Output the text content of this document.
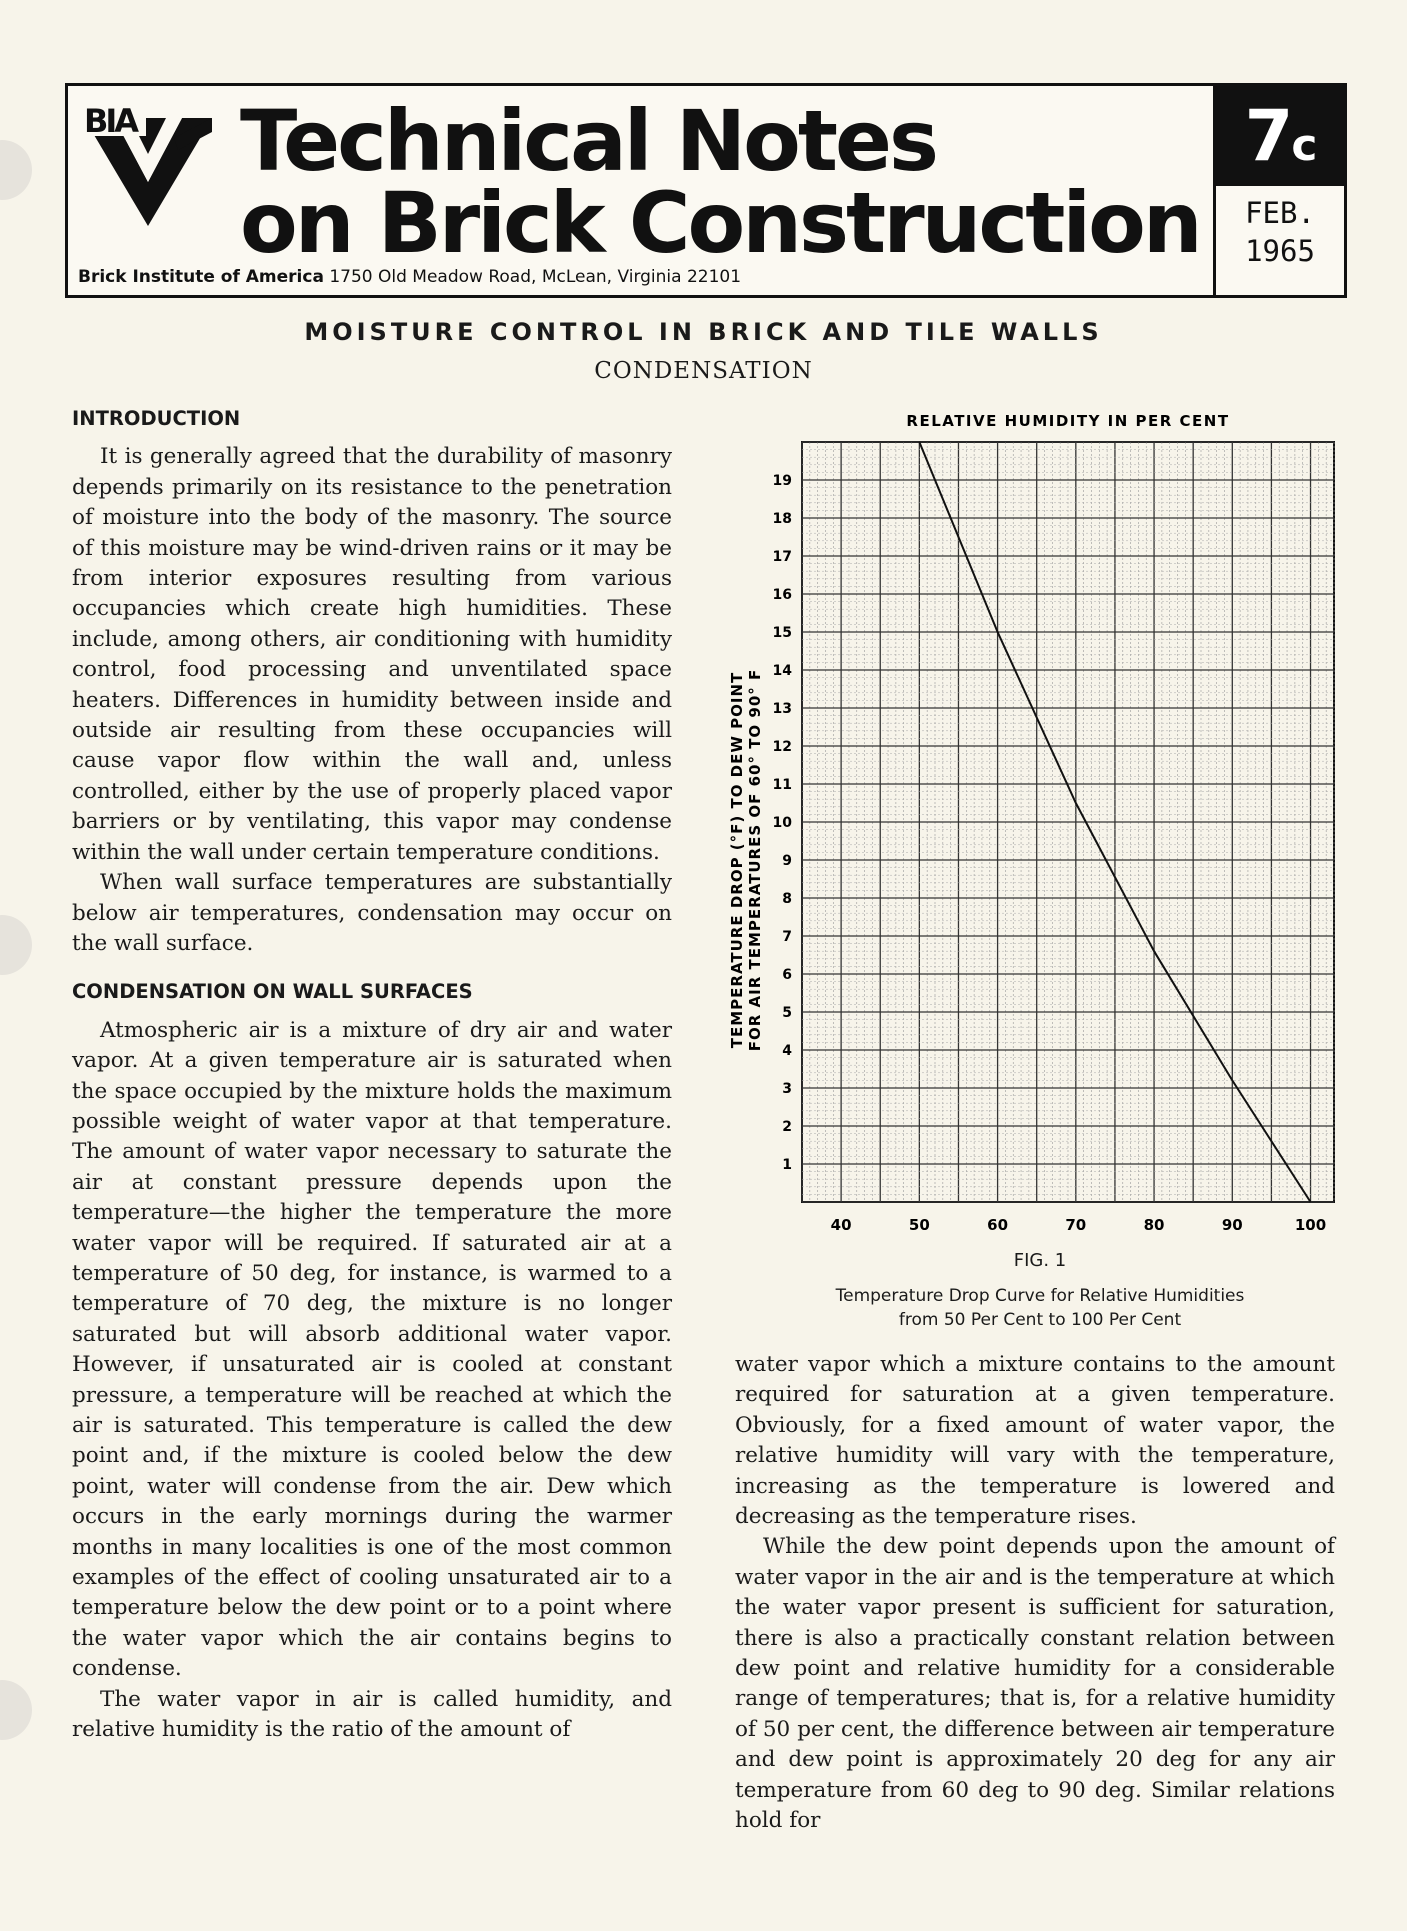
BIA Technical Notes
on Brick Construction
Brick Institute of America 1750 Old Meadow Road, McLean, Virginia 22101
7c
FEB.
1965
MOISTURE CONTROL IN BRICK AND TILE WALLS
CONDENSATION
INTRODUCTION

It is generally agreed that the durability of masonry depends primarily on its resistance to the penetration of moisture into the body of the masonry. The source of this moisture may be wind-driven rains or it may be from interior exposures resulting from various occupancies which create high humidities. These include, among others, air conditioning with humidity control, food processing and unventilated space heaters. Differences in humidity between inside and outside air resulting from these occupancies will cause vapor flow within the wall and, unless controlled, either by the use of properly placed vapor barriers or by ventilating, this vapor may condense within the wall under certain temperature conditions.

When wall surface temperatures are substantially below air temperatures, condensation may occur on the wall surface.

CONDENSATION ON WALL SURFACES

Atmospheric air is a mixture of dry air and water vapor. At a given temperature air is saturated when the space occupied by the mixture holds the maximum possible weight of water vapor at that temperature. The amount of water vapor necessary to saturate the air at constant pressure depends upon the temperature—the higher the temperature the more water vapor will be required. If saturated air at a temperature of 50 deg, for instance, is warmed to a temperature of 70 deg, the mixture is no longer saturated but will absorb additional water vapor. However, if unsaturated air is cooled at constant pressure, a temperature will be reached at which the air is saturated. This temperature is called the dew point and, if the mixture is cooled below the dew point, water will condense from the air. Dew which occurs in the early mornings during the warmer months in many localities is one of the most common examples of the effect of cooling unsaturated air to a temperature below the dew point or to a point where the water vapor which the air contains begins to condense.

The water vapor in air is called humidity, and relative humidity is the ratio of the amount of

RELATIVE HUMIDITY IN PER CENT
1
2
3
4
5
6
7
8
9
10
11
12
13
14
15
16
17
18
19
40	50	60	70	80	90	100
TEMPERATURE DROP (°F) TO DEW POINT FOR AIR TEMPERATURES OF 60° TO 90° F
FIG. 1
Temperature Drop Curve for Relative Humidities
from 50 Per Cent to 100 Per Cent

water vapor which a mixture contains to the amount required for saturation at a given temperature. Obviously, for a fixed amount of water vapor, the relative humidity will vary with the temperature, increasing as the temperature is lowered and decreasing as the temperature rises.

While the dew point depends upon the amount of water vapor in the air and is the temperature at which the water vapor present is sufficient for saturation, there is also a practically constant relation between dew point and relative humidity for a considerable range of temperatures; that is, for a relative humidity of 50 per cent, the difference between air temperature and dew point is approximately 20 deg for any air temperature from 60 deg to 90 deg. Similar relations hold for
